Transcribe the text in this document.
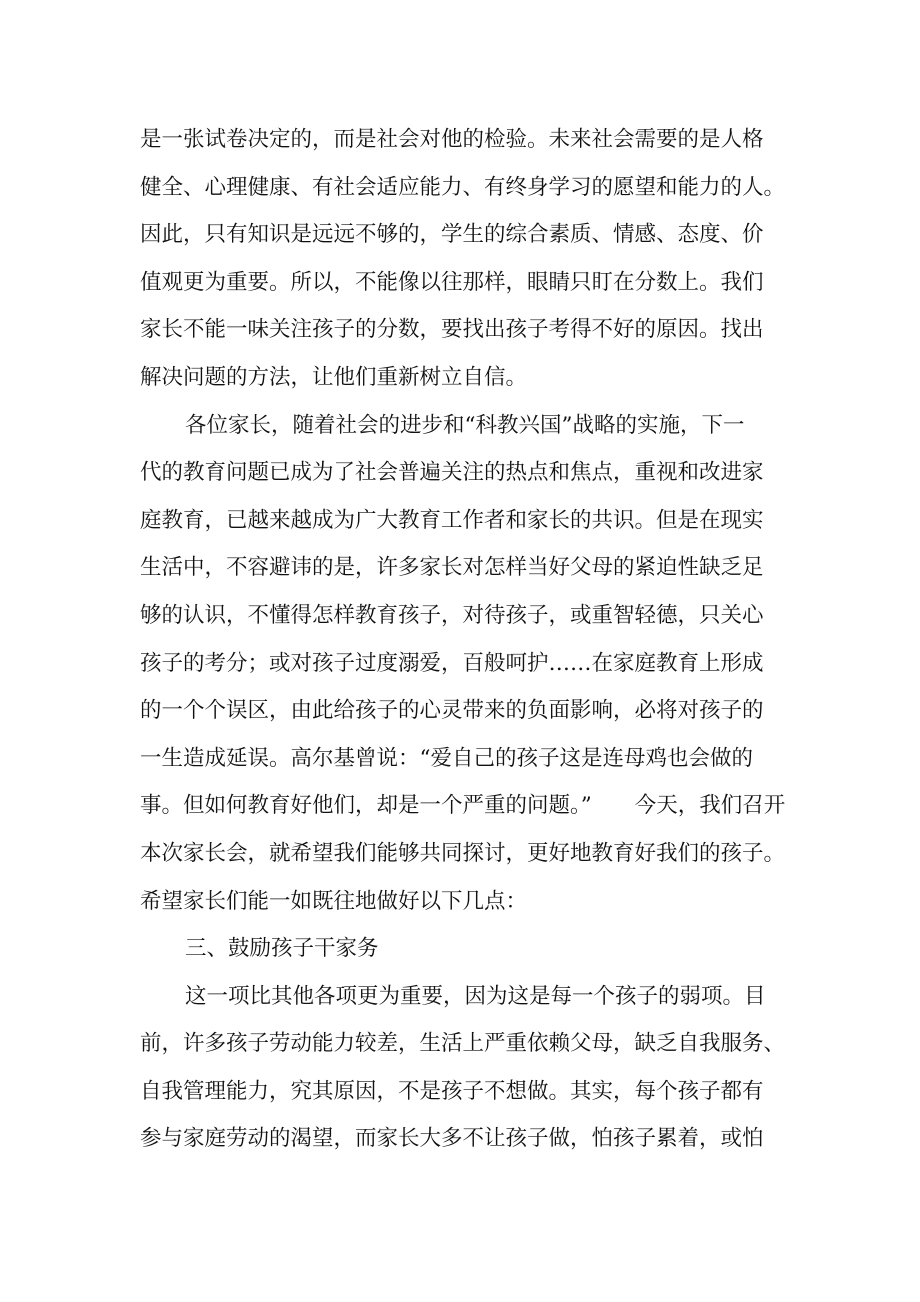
是一张试卷决定的，而是社会对他的检验。未来社会需要的是人格
健全、心理健康、有社会适应能力、有终身学习的愿望和能力的人。
因此，只有知识是远远不够的，学生的综合素质、情感、态度、价
值观更为重要。所以，不能像以往那样，眼睛只盯在分数上。我们
家长不能一味关注孩子的分数，要找出孩子考得不好的原因。找出
解决问题的方法，让他们重新树立自信。
各位家长，随着社会的进步和“科教兴国”战略的实施，下一
代的教育问题已成为了社会普遍关注的热点和焦点，重视和改进家
庭教育，已越来越成为广大教育工作者和家长的共识。但是在现实
生活中，不容避讳的是，许多家长对怎样当好父母的紧迫性缺乏足
够的认识，不懂得怎样教育孩子，对待孩子，或重智轻德，只关心
孩子的考分；或对孩子过度溺爱，百般呵护……在家庭教育上形成
的一个个误区，由此给孩子的心灵带来的负面影响，必将对孩子的
一生造成延误。高尔基曾说：“爱自己的孩子这是连母鸡也会做的
事。但如何教育好他们，却是一个严重的问题。”　　今天，我们召开
本次家长会，就希望我们能够共同探讨，更好地教育好我们的孩子。
希望家长们能一如既往地做好以下几点：
三、鼓励孩子干家务
这一项比其他各项更为重要，因为这是每一个孩子的弱项。目
前，许多孩子劳动能力较差，生活上严重依赖父母，缺乏自我服务、
自我管理能力，究其原因，不是孩子不想做。其实，每个孩子都有
参与家庭劳动的渴望，而家长大多不让孩子做，怕孩子累着，或怕
